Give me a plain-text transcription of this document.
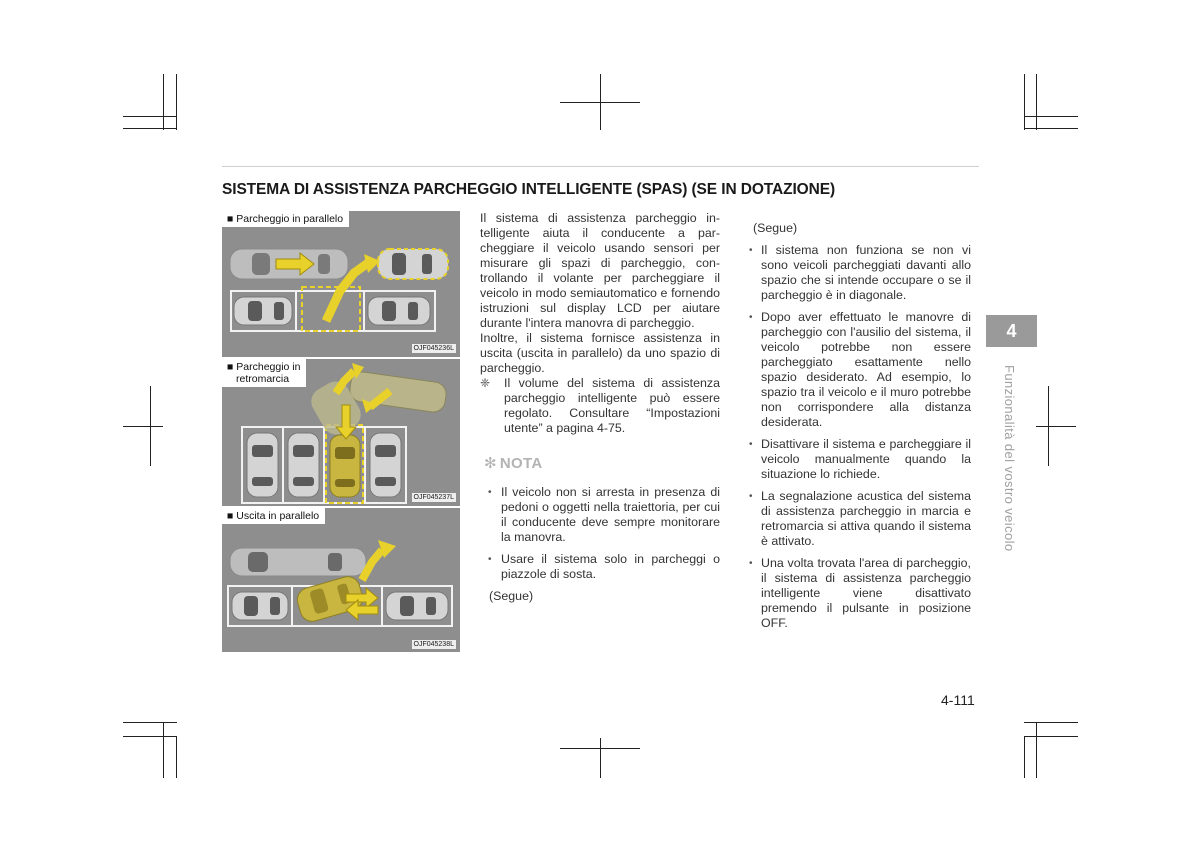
SISTEMA DI ASSISTENZA PARCHEGGIO INTELLIGENTE (SPAS) (SE IN DOTAZIONE)
■ Parcheggio in parallelo
OJF045236L
■ Parcheggio in
retromarcia
OJF045237L
■ Uscita in parallelo
OJF045238L

Il sistema di assistenza parcheggio intelligente aiuta il conducente a parcheggiare il veicolo usando sensori per misurare gli spazi di parcheggio, controllando il volante per parcheggiare il veicolo in modo semiautomatico e fornendo istruzioni sul display LCD per aiutare durante l'intera manovra di parcheggio.

Inoltre, il sistema fornisce assistenza in uscita (uscita in parallelo) da uno spazio di parcheggio.

❈ Il volume del sistema di assistenza parcheggio intelligente può essere regolato. Consultare “Impostazioni utente” a pagina 4-75.
✻ NOTA
• Il veicolo non si arresta in presenza di pedoni o oggetti nella traiettoria, per cui il conducente deve sempre monitorare la manovra.
• Usare il sistema solo in parcheggi o piazzole di sosta.
(Segue)
(Segue)
• Il sistema non funziona se non vi sono veicoli parcheggiati davanti allo spazio che si intende occupare o se il parcheggio è in diagonale.
• Dopo aver effettuato le manovre di parcheggio con l'ausilio del sistema, il veicolo potrebbe non essere parcheggiato esattamente nello spazio desiderato. Ad esempio, lo spazio tra il veicolo e il muro potrebbe non corrispondere alla distanza desiderata.
• Disattivare il sistema e parcheggiare il veicolo manualmente quando la situazione lo richiede.
• La segnalazione acustica del sistema di assistenza parcheggio in marcia e retromarcia si attiva quando il sistema è attivato.
• Una volta trovata l'area di parcheggio, il sistema di assistenza parcheggio intelligente viene disattivato premendo il pulsante in posizione OFF.
4
Funzionalità del vostro veicolo
4-111
